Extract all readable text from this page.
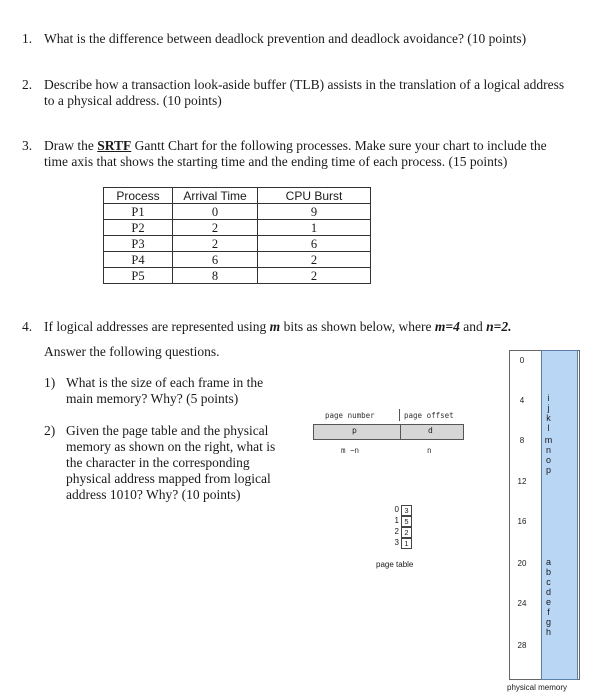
1. What is the difference between deadlock prevention and deadlock avoidance? (10 points)
2. Describe how a transaction look-aside buffer (TLB) assists in the translation of a logical address
to a physical address. (10 points)
3. Draw the SRTF Gantt Chart for the following processes. Make sure your chart to include the
time axis that shows the starting time and the ending time of each process. (15 points)
Process	Arrival Time	CPU Burst
P1	0	9
P2	2	1
P3	2	6
P4	6	2
P5	8	2
4. If logical addresses are represented using m bits as shown below, where m=4 and n=2.
Answer the following questions.
1) What is the size of each frame in the
main memory? Why? (5 points)
2) Given the page table and the physical
memory as shown on the right, what is
the character in the corresponding
physical address mapped from logical
address 1010? Why? (10 points)
page number	page offset
p	d
m −n	n
0 3
1 5
2 2
3 1
page table
0
4
8
12
16
20
24
28
i
j
k
l
m
n
o
p
a
b
c
d
e
f
g
h
physical memory
